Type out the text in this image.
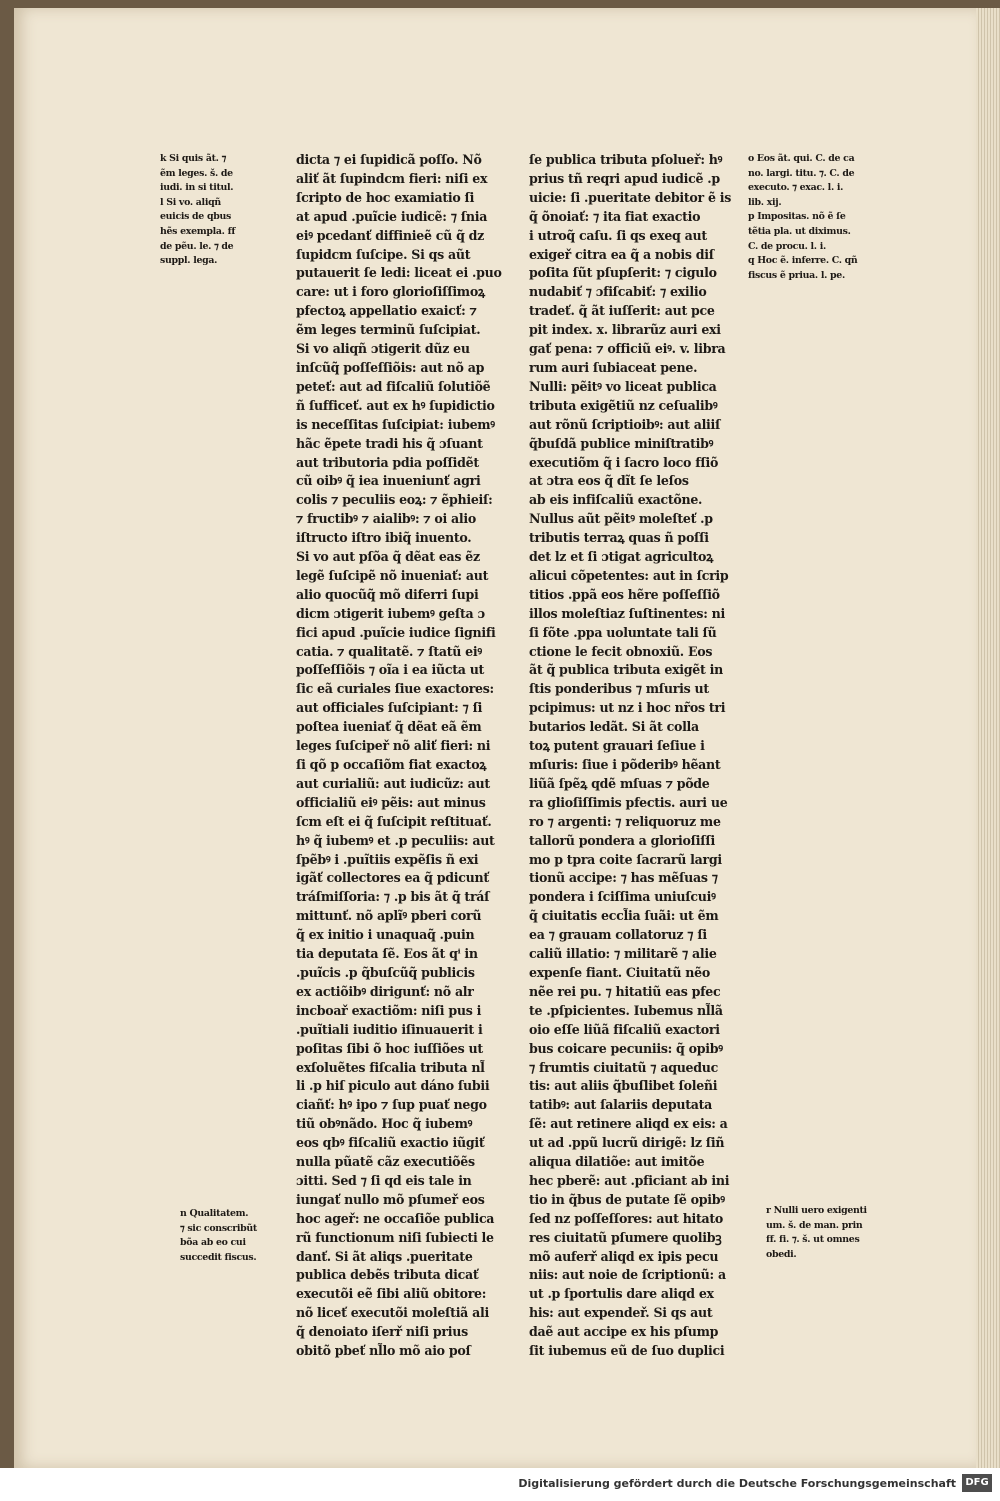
k Si quis ãt. ⁊
ẽm leges. š. de
iudi. in si titul.
l Si vo. aliqñ
euicis de qbus
hẽs exempla. ff
de pẽu. le. ⁊ de
suppl. lega.
n Qualitatem.
⁊ sic conscribũt
bõa ab eo cui
succedit fiscus.
o Eos ãt. qui. C. de ca
no. largi. titu. ⁊. C. de
executo. ⁊ exac. l. i.
lib. xij.
p Impositas. nõ ẽ ſe
tẽtia pla. ut diximus.
C. de procu. l. i.
q Hoc ẽ. inferre. C. qñ
fiscus ẽ priua. l. pe.
r Nulli uero exigenti
um. š. de man. prin
ff. fi. ⁊. š. ut omnes
obedi.
dicta ⁊ ei ſupidicã poſſo. Nõ
aliť ãt ſupindcm fieri: niſi ex
ſcripto de hoc examiatio ſi
at apud .puĩcie iudicẽ: ⁊ ſnia
eiꝰ pcedanť diffinieẽ cũ q̃ dz
ſupidcm ſuſcipe. Si qs aũt
putauerit ſe ledi: liceat ei .puo
care: ut i foro glorioſiſſimoꝝ
pfectoꝝ appellatio exaicť: ⁊
ẽm leges terminũ ſuſcipiat.
Si vo aliqñ ɔtigerit dũz eu
inſcũq̃ poſſeſſiõis: aut nõ ap
peteť: aut ad fiſcaliũ ſolutiõẽ
ñ ſufficeť. aut ex hꝰ ſupidictio
is neceſſitas ſuſcipiat: iubemꝰ
hãc ẽpete tradi his q̃ ɔſuant
aut tributoria pdia poſſidẽt
cũ oibꝰ q̃ iea inueniunť agri
colis ⁊ peculiis eoꝝ: ⁊ ẽphieiſ:
⁊ fructibꝰ ⁊ aialibꝰ: ⁊ oi alio
iſtructo iſtro ibiq̃ inuento.
Si vo aut pſõa q̃ dẽat eas ẽz
legẽ ſuſcipẽ nõ inueniať: aut
alio quocũq̃ mõ diferri ſupi
dicm ɔtigerit iubemꝰ geſta ɔ
fici apud .puĩcie iudice ſignifi
catia. ⁊ qualitatẽ. ⁊ ſtatũ eiꝰ
poſſeſſiõis ⁊ oĩa i ea iũcta ut
ſic eã curiales ſiue exactores:
aut officiales ſuſcipiant: ⁊ ſi
poſtea iueniať q̃ dẽat eã ẽm
leges ſuſcipeř nõ aliť fieri: ni
ſi qõ p occaſiõm fiat exactoꝝ
aut curialiũ: aut iudicũz: aut
officialiũ eiꝰ pẽis: aut minus
ſcm eſt ei q̃ ſuſcipit reſtituať.
hꝰ q̃ iubemꝰ et .p peculiis: aut
ſpẽbꝰ i .puĩtiis expẽſis ñ exi
igãť collectores ea q̃ pdicunť
tráſmiſſoria: ⁊ .p bis ãt q̃ tráſ
mittunť. nõ aplĩꝰ pberi corũ
q̃ ex initio i unaquaq̃ .puin
tia deputata ſẽ. Eos ãt qⁱ in
.puĩcis .p q̃buſcũq̃ publicis
ex actiõibꝰ dirigunť: nõ alr
incboař exactiõm: niſi pus i
.puĩtiali iuditio iſinuauerit i
poſitas ſibi õ hoc iuſſiões ut
exſoluẽtes fiſcalia tributa nl̃
li .p hiſ piculo aut dáno ſubii
ciañť: hꝰ ipo ⁊ ſup puať nego
tiũ obꝰnãdo. Hoc q̃ iubemꝰ
eos qbꝰ fiſcaliũ exactio iũgiť
nulla pũatẽ cãz executiõẽs
ɔitti. Sed ⁊ ſi qd eis tale in
iungať nullo mõ pſumeř eos
hoc ageř: ne occaſiõe publica
rũ functionum niſi ſubiecti le
danť. Si ãt aliqs .pueritate
publica debẽs tributa dicať
executõi eẽ ſibi aliũ obitore:
nõ liceť executõi moleſtiã ali
q̃ denoiato iſerř niſi prius
obitõ pbeť nl̃lo mõ aio poſ
ſe publica tributa pſolueř: hꝰ
prius tñ reqri apud iudicẽ .p
uicie: ſi .pueritate debitor ẽ is
q̃ õnoiať: ⁊ ita fiat exactio
i utroq̃ caſu. ſi qs exeq aut
exigeř citra ea q̃ a nobis diſ
poſita ſũt pſupſerit: ⁊ cigulo
nudabiť ⁊ ɔfiſcabiť: ⁊ exilio
tradeť. q̃ ãt iuſſerit: aut pce
pit index. x. librarũz auri exi
gať pena: ⁊ officiũ eiꝰ. v. libra
rum auri ſubiaceat pene.
Nulli: pẽitꝰ vo liceat publica
tributa exigẽtiũ nz ceſualibꝰ
aut rõnũ ſcriptioibꝰ: aut aliiſ
q̃buſdã publice miniſtratibꝰ
executiõm q̃ i ſacro loco fſiõ
at ɔtra eos q̃ dĩt ſe leſos
ab eis infiſcaliũ exactõne.
Nullus aũt pẽitꝰ moleſteť .p
tributis terraꝝ quas ñ poſſi
det lz et ſi ɔtigat agricultoꝝ
alicui cõpetentes: aut in ſcrip
titios .ppã eos hẽre poſſeſſiõ
illos moleſtiaz ſuſtinentes: ni
ſi fõte .ppa uoluntate tali ſũ
ctione le fecit obnoxiũ. Eos
ãt q̃ publica tributa exigẽt in
ſtis ponderibus ⁊ mſuris ut
pcipimus: ut nz i hoc nr̃os tri
butarios ledãt. Si ãt colla
toꝝ putent grauari ſeſiue i
mſuris: ſiue i põderibꝰ hẽant
liũã ſpẽꝝ qdẽ mſuas ⁊ põde
ra glioſiſſimis pfectis. auri ue
ro ⁊ argenti: ⁊ reliquoruz me
tallorũ pondera a glorioſiſſi
mo p tpra coite ſacrarũ largi
tionũ accipe: ⁊ has mẽſuas ⁊
pondera i ſciſſima uniuſcuiꝰ
q̃ ciuitatis eccl̃ia ſuãi: ut ẽm
ea ⁊ grauam collatoruz ⁊ ſi
caliũ illatio: ⁊ militarẽ ⁊ alie
expenſe fiant. Ciuitatũ nẽo
nẽe rei pu. ⁊ hitatiũ eas pfec
te .pſpicientes. Iubemus nl̃lã
oio eſſe liũã fiſcaliũ exactori
bus coicare pecuniis: q̃ opibꝰ
⁊ frumtis ciuitatũ ⁊ aqueduc
tis: aut aliis q̃buſlibet ſoleñi
tatibꝰ: aut ſalariis deputata
ſẽ: aut retinere aliqd ex eis: a
ut ad .ppũ lucrũ dirigẽ: lz ſiñ
aliqua dilatiõe: aut imitõe
hec pberẽ: aut .pficiant ab ini
tio in q̃bus de putate ſẽ opibꝰ
ſed nz poſſeſſores: aut hitato
res ciuitatũ pſumere quolibꝫ
mõ auferř aliqd ex ipis pecu
niis: aut noie de ſcriptionũ: a
ut .p ſportulis dare aliqd ex
his: aut expendeř. Si qs aut
daẽ aut accipe ex his pſump
ſit iubemus eũ de ſuo duplici
Digitalisierung gefördert durch die Deutsche Forschungsgemeinschaft DFG
